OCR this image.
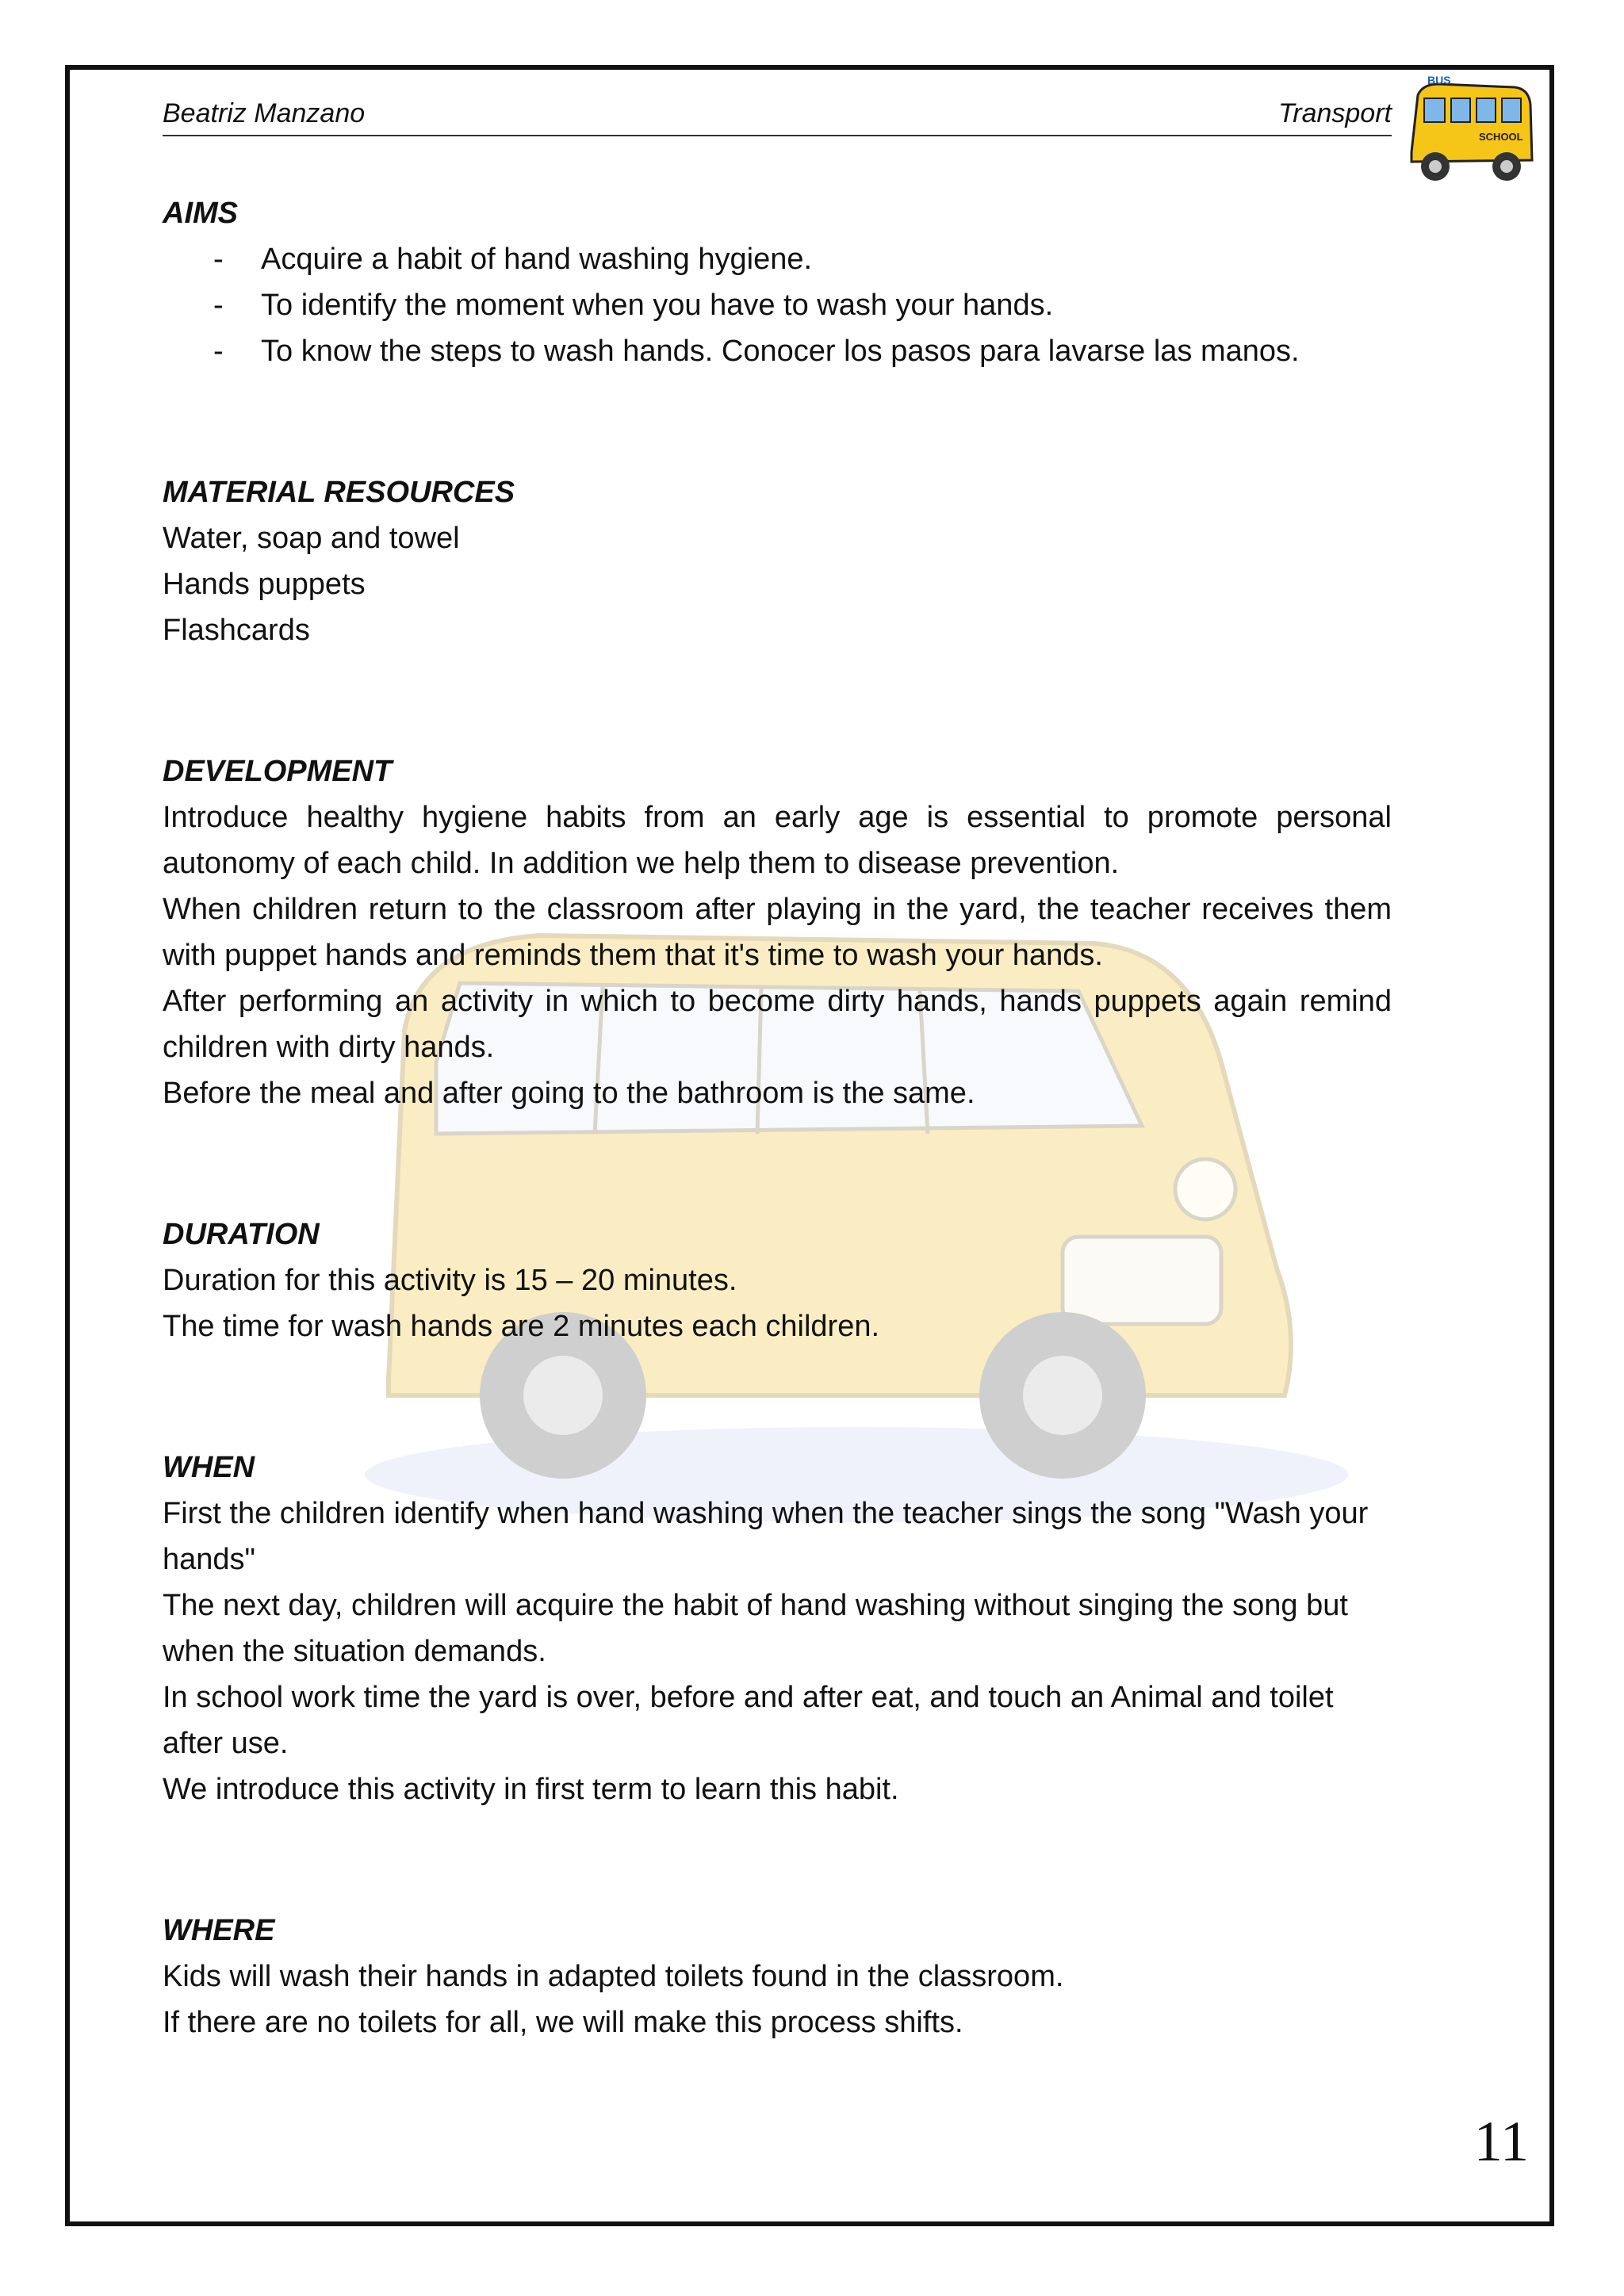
Beatriz Manzano	Transport
BUS
SCHOOL

AIMS

- Acquire a habit of hand washing hygiene.
- To identify the moment when you have to wash your hands.
- To know the steps to wash hands. Conocer los pasos para lavarse las manos.

MATERIAL RESOURCES

Water, soap and towel
Hands puppets
Flashcards

DEVELOPMENT

Introduce healthy hygiene habits from an early age is essential to promote personal autonomy of each child. In addition we help them to disease prevention.
When children return to the classroom after playing in the yard, the teacher receives them with puppet hands and reminds them that it's time to wash your hands.
After performing an activity in which to become dirty hands, hands puppets again remind children with dirty hands.
Before the meal and after going to the bathroom is the same.

DURATION

Duration for this activity is 15 – 20 minutes.
The time for wash hands are 2 minutes each children.

WHEN

First the children identify when hand washing when the teacher sings the song "Wash your hands"
The next day, children will acquire the habit of hand washing without singing the song but when the situation demands.
In school work time the yard is over, before and after eat, and touch an Animal and toilet after use.
We introduce this activity in first term to learn this habit.

WHERE

Kids will wash their hands in adapted toilets found in the classroom.
If there are no toilets for all, we will make this process shifts.
11
